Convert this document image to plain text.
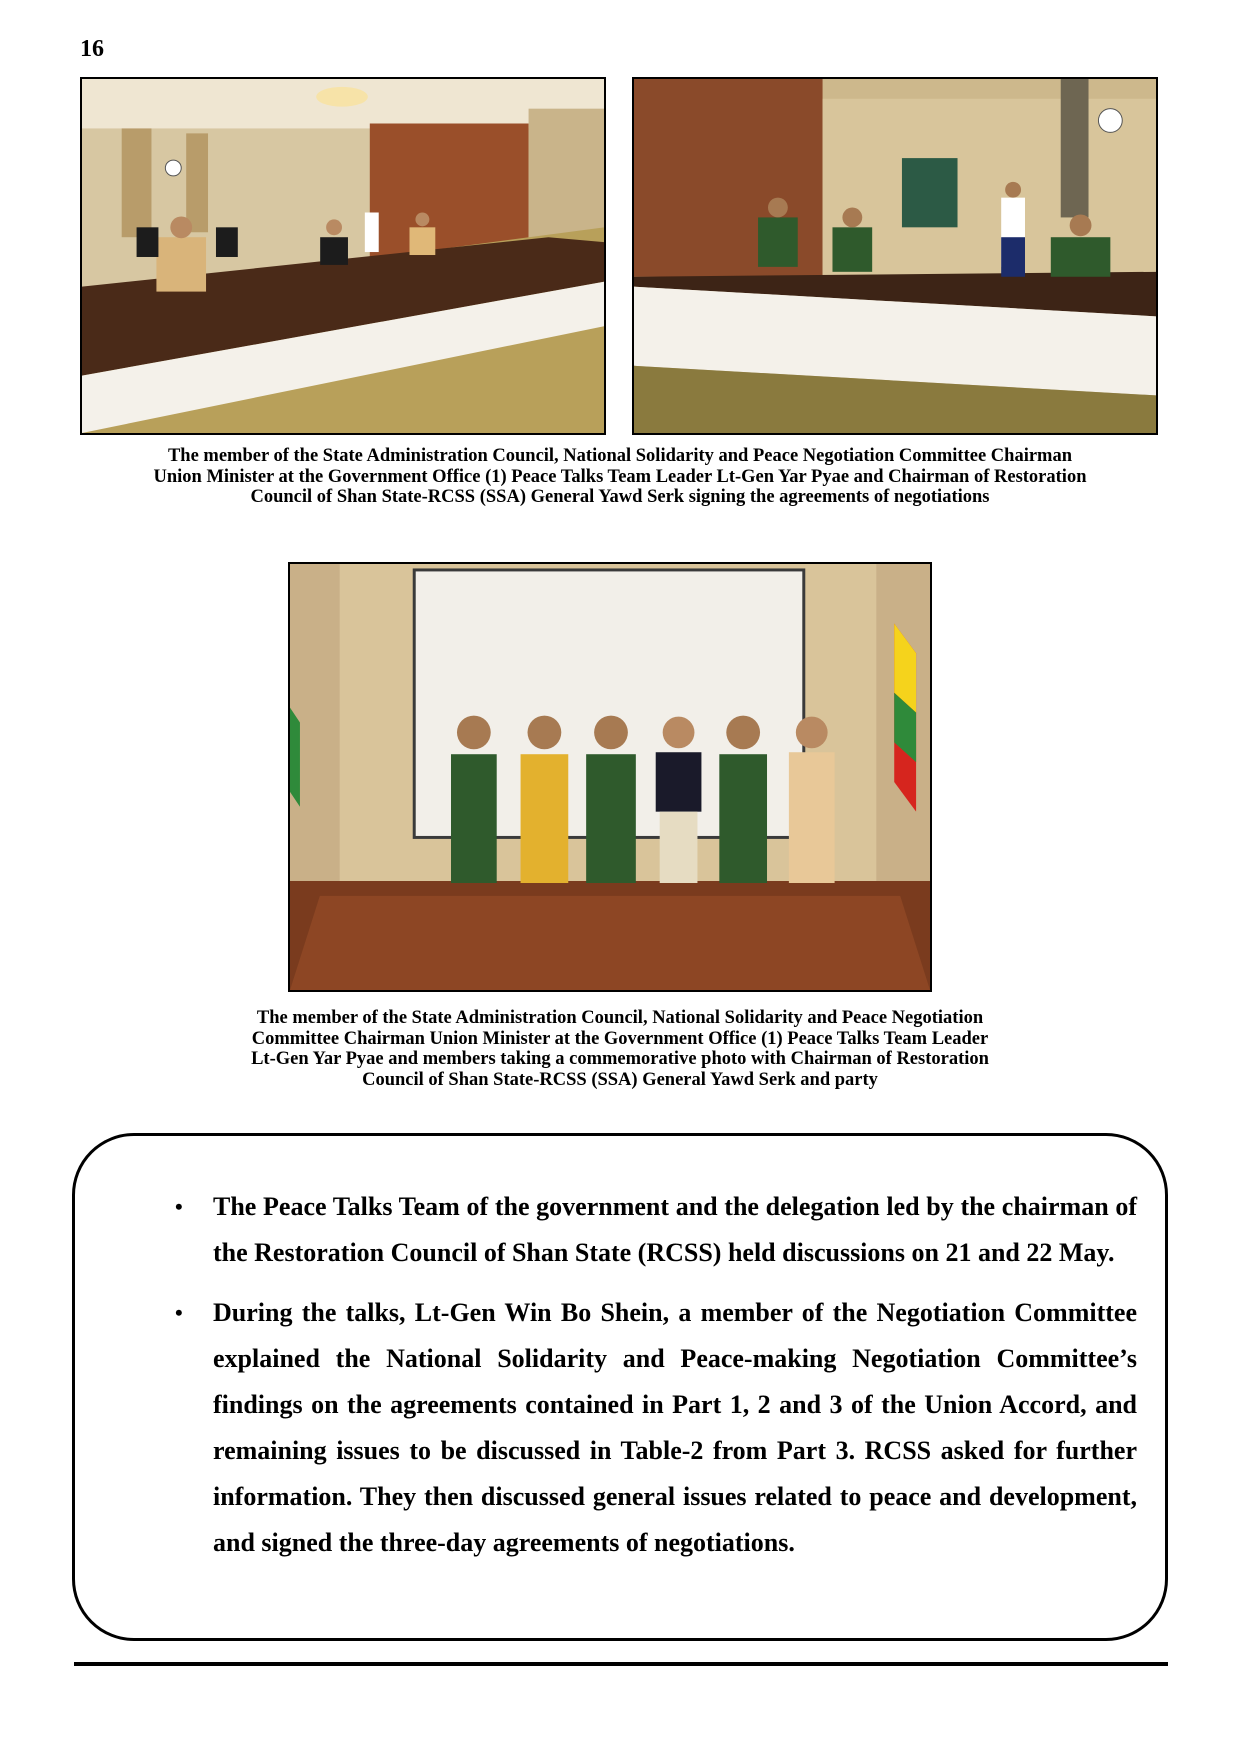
16
The member of the State Administration Council, National Solidarity and Peace Negotiation Committee Chairman
Union Minister at the Government Office (1) Peace Talks Team Leader Lt-Gen Yar Pyae and Chairman of Restoration
Council of Shan State-RCSS (SSA) General Yawd Serk signing the agreements of negotiations
The member of the State Administration Council, National Solidarity and Peace Negotiation
Committee Chairman Union Minister at the Government Office (1) Peace Talks Team Leader
Lt-Gen Yar Pyae and members taking a commemorative photo with Chairman of Restoration
Council of Shan State-RCSS (SSA) General Yawd Serk and party
• The Peace Talks Team of the government and the delegation led by the chairman of the Restoration Council of Shan State (RCSS) held discussions on 21 and 22 May.
• During the talks, Lt-Gen Win Bo Shein, a member of the Negotiation Committee explained the National Solidarity and Peace-making Negotiation Committee’s findings on the agreements contained in Part 1, 2 and 3 of the Union Accord, and remaining issues to be discussed in Table-2 from Part 3. RCSS asked for further information. They then discussed general issues related to peace and development, and signed the three-day agreements of negotiations.
